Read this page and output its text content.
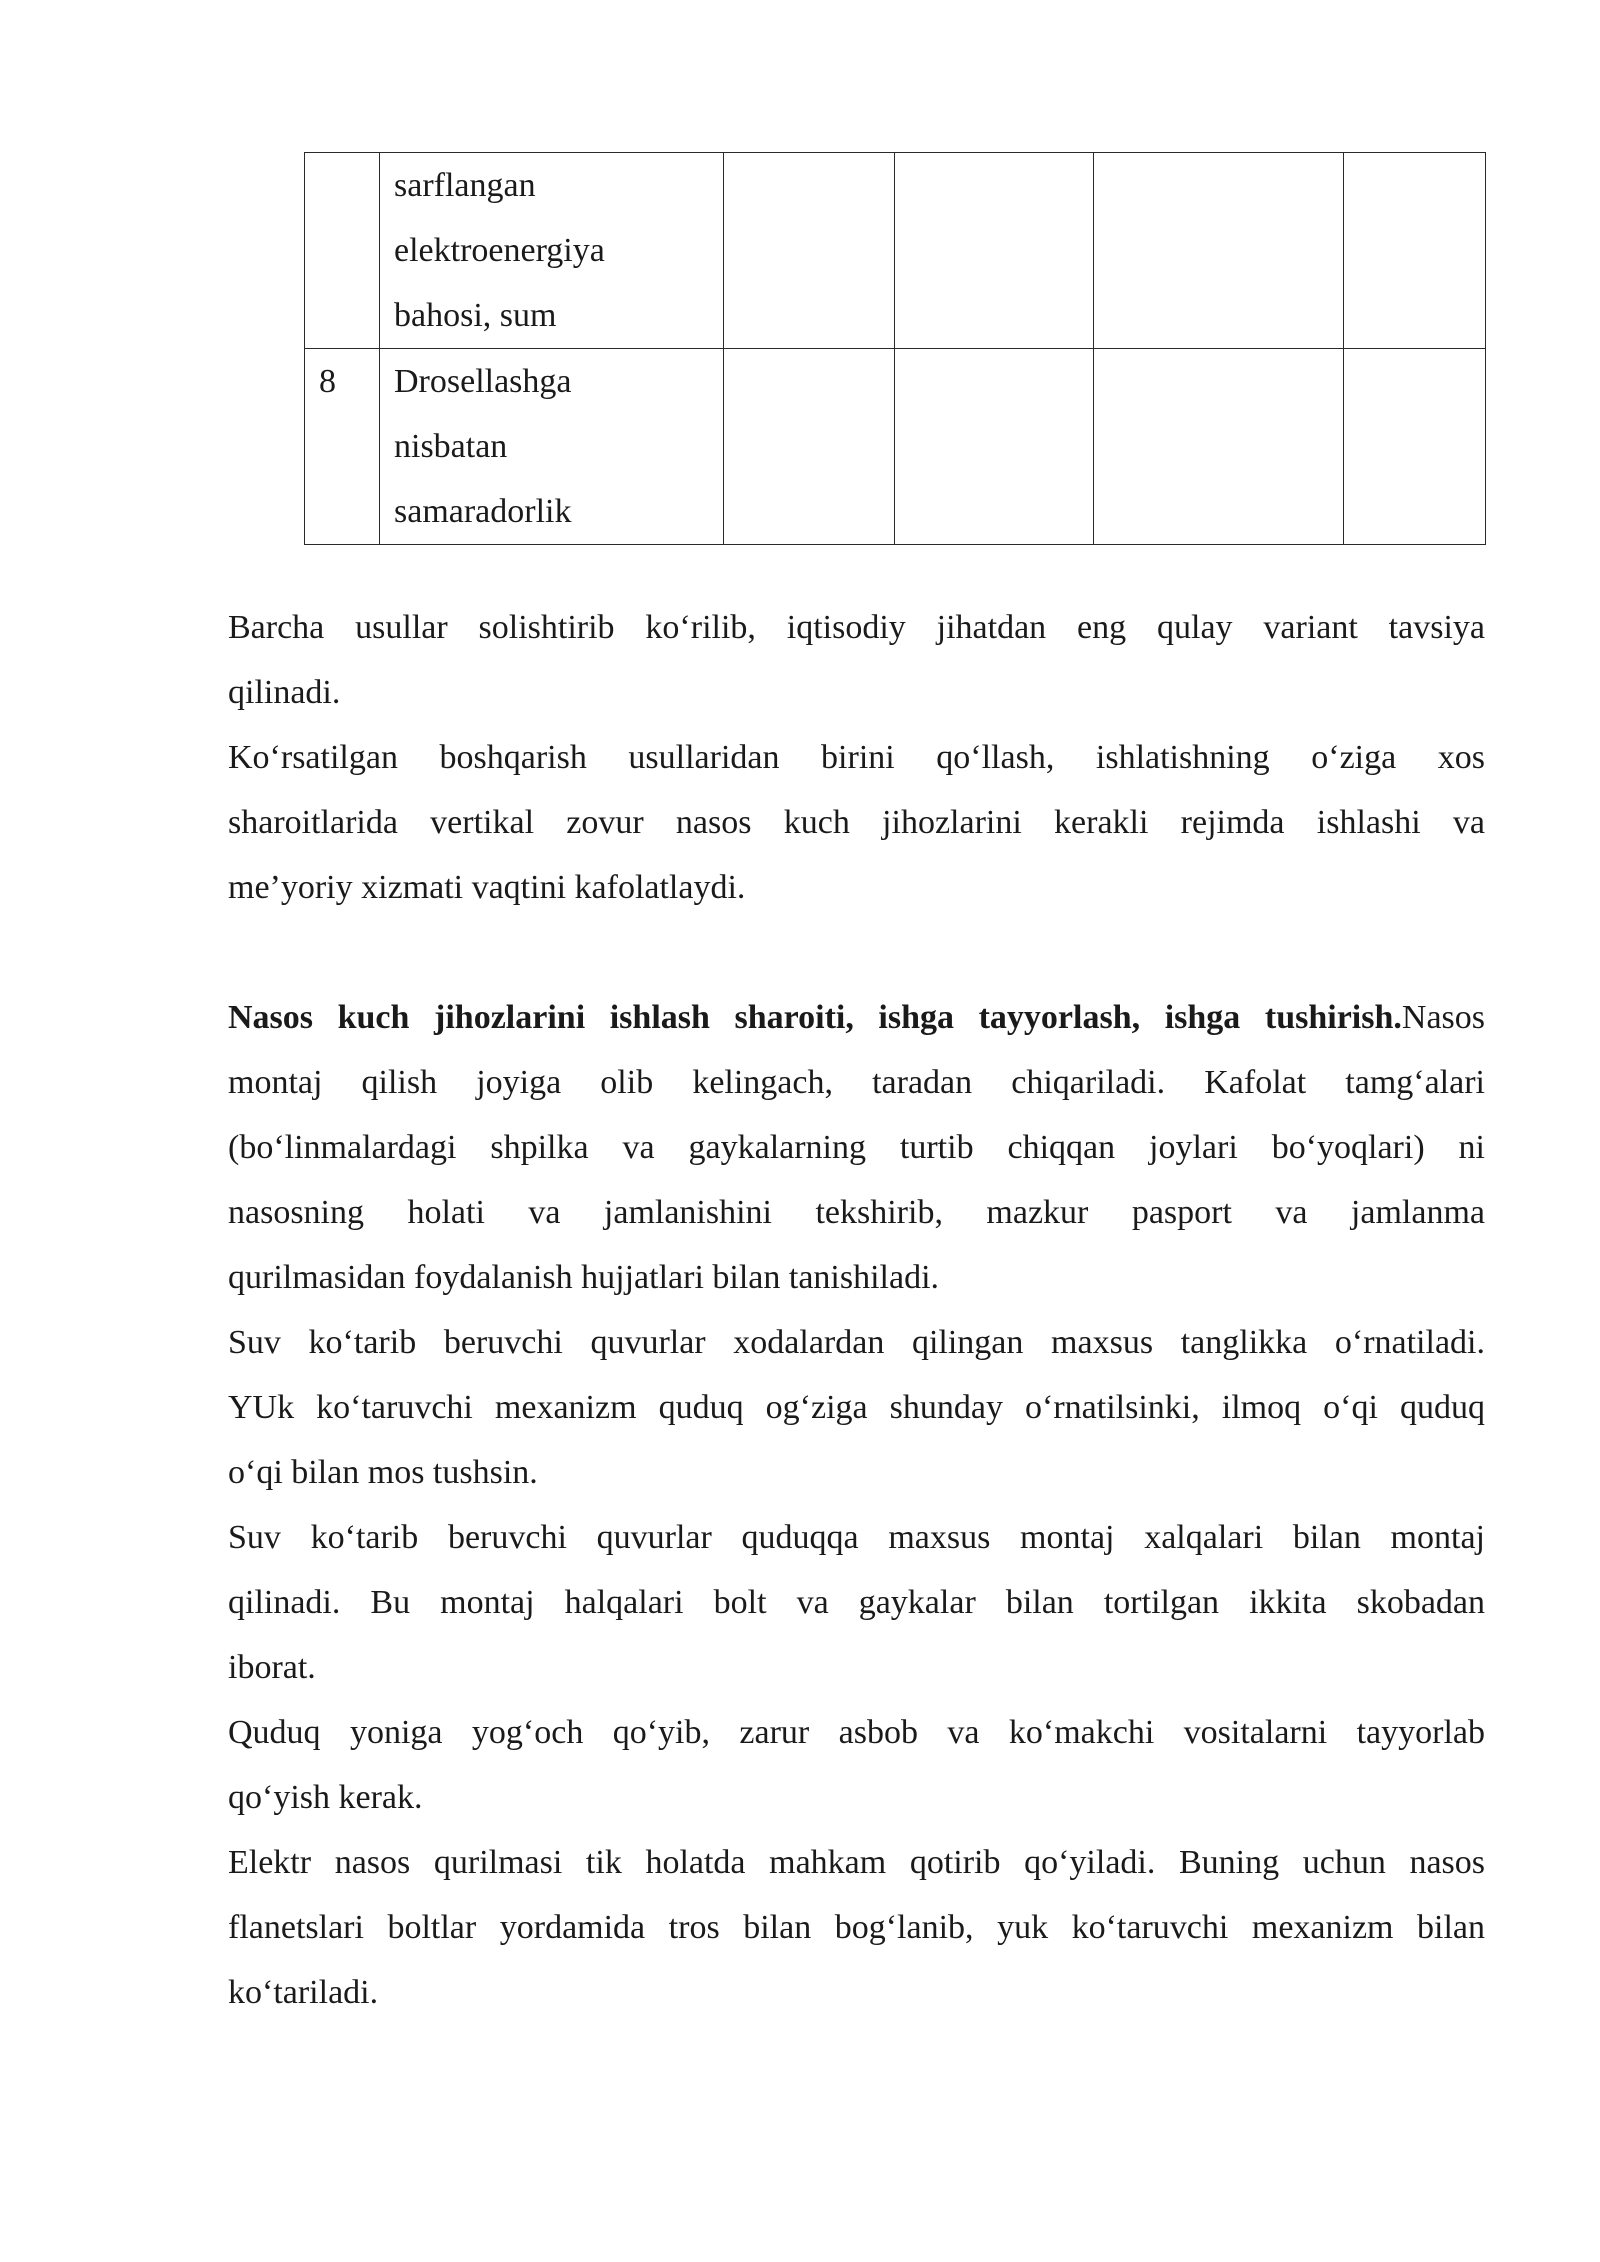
	sarflangan
elektroenergiya
bahosi, sum				

8	Drosellashga
nisbatan
samaradorlik				

Barcha usullar solishtirib ko‘rilib, iqtisodiy jihatdan eng qulay variant tavsiya
qilinadi.
Ko‘rsatilgan boshqarish usullaridan birini qo‘llash, ishlatishning o‘ziga xos
sharoitlarida vertikal zovur nasos kuch jihozlarini kerakli rejimda ishlashi va
me’yoriy xizmati vaqtini kafolatlaydi.
Nasos kuch jihozlarini ishlash sharoiti, ishga tayyorlash, ishga tushirish.Nasos
montaj qilish joyiga olib kelingach, taradan chiqariladi. Kafolat tamg‘alari
(bo‘linmalardagi shpilka va gaykalarning turtib chiqqan joylari bo‘yoqlari) ni
nasosning holati va jamlanishini tekshirib, mazkur pasport va jamlanma
qurilmasidan foydalanish hujjatlari bilan tanishiladi.
Suv ko‘tarib beruvchi quvurlar xodalardan qilingan maxsus tanglikka o‘rnatiladi.
YUk ko‘taruvchi mexanizm quduq og‘ziga shunday o‘rnatilsinki, ilmoq o‘qi quduq
o‘qi bilan mos tushsin.
Suv ko‘tarib beruvchi quvurlar quduqqa maxsus montaj xalqalari bilan montaj
qilinadi. Bu montaj halqalari bolt va gaykalar bilan tortilgan ikkita skobadan
iborat.
Quduq yoniga yog‘och qo‘yib, zarur asbob va ko‘makchi vositalarni tayyorlab
qo‘yish kerak.
Elektr nasos qurilmasi tik holatda mahkam qotirib qo‘yiladi. Buning uchun nasos
flanetslari boltlar yordamida tros bilan bog‘lanib, yuk ko‘taruvchi mexanizm bilan
ko‘tariladi.
